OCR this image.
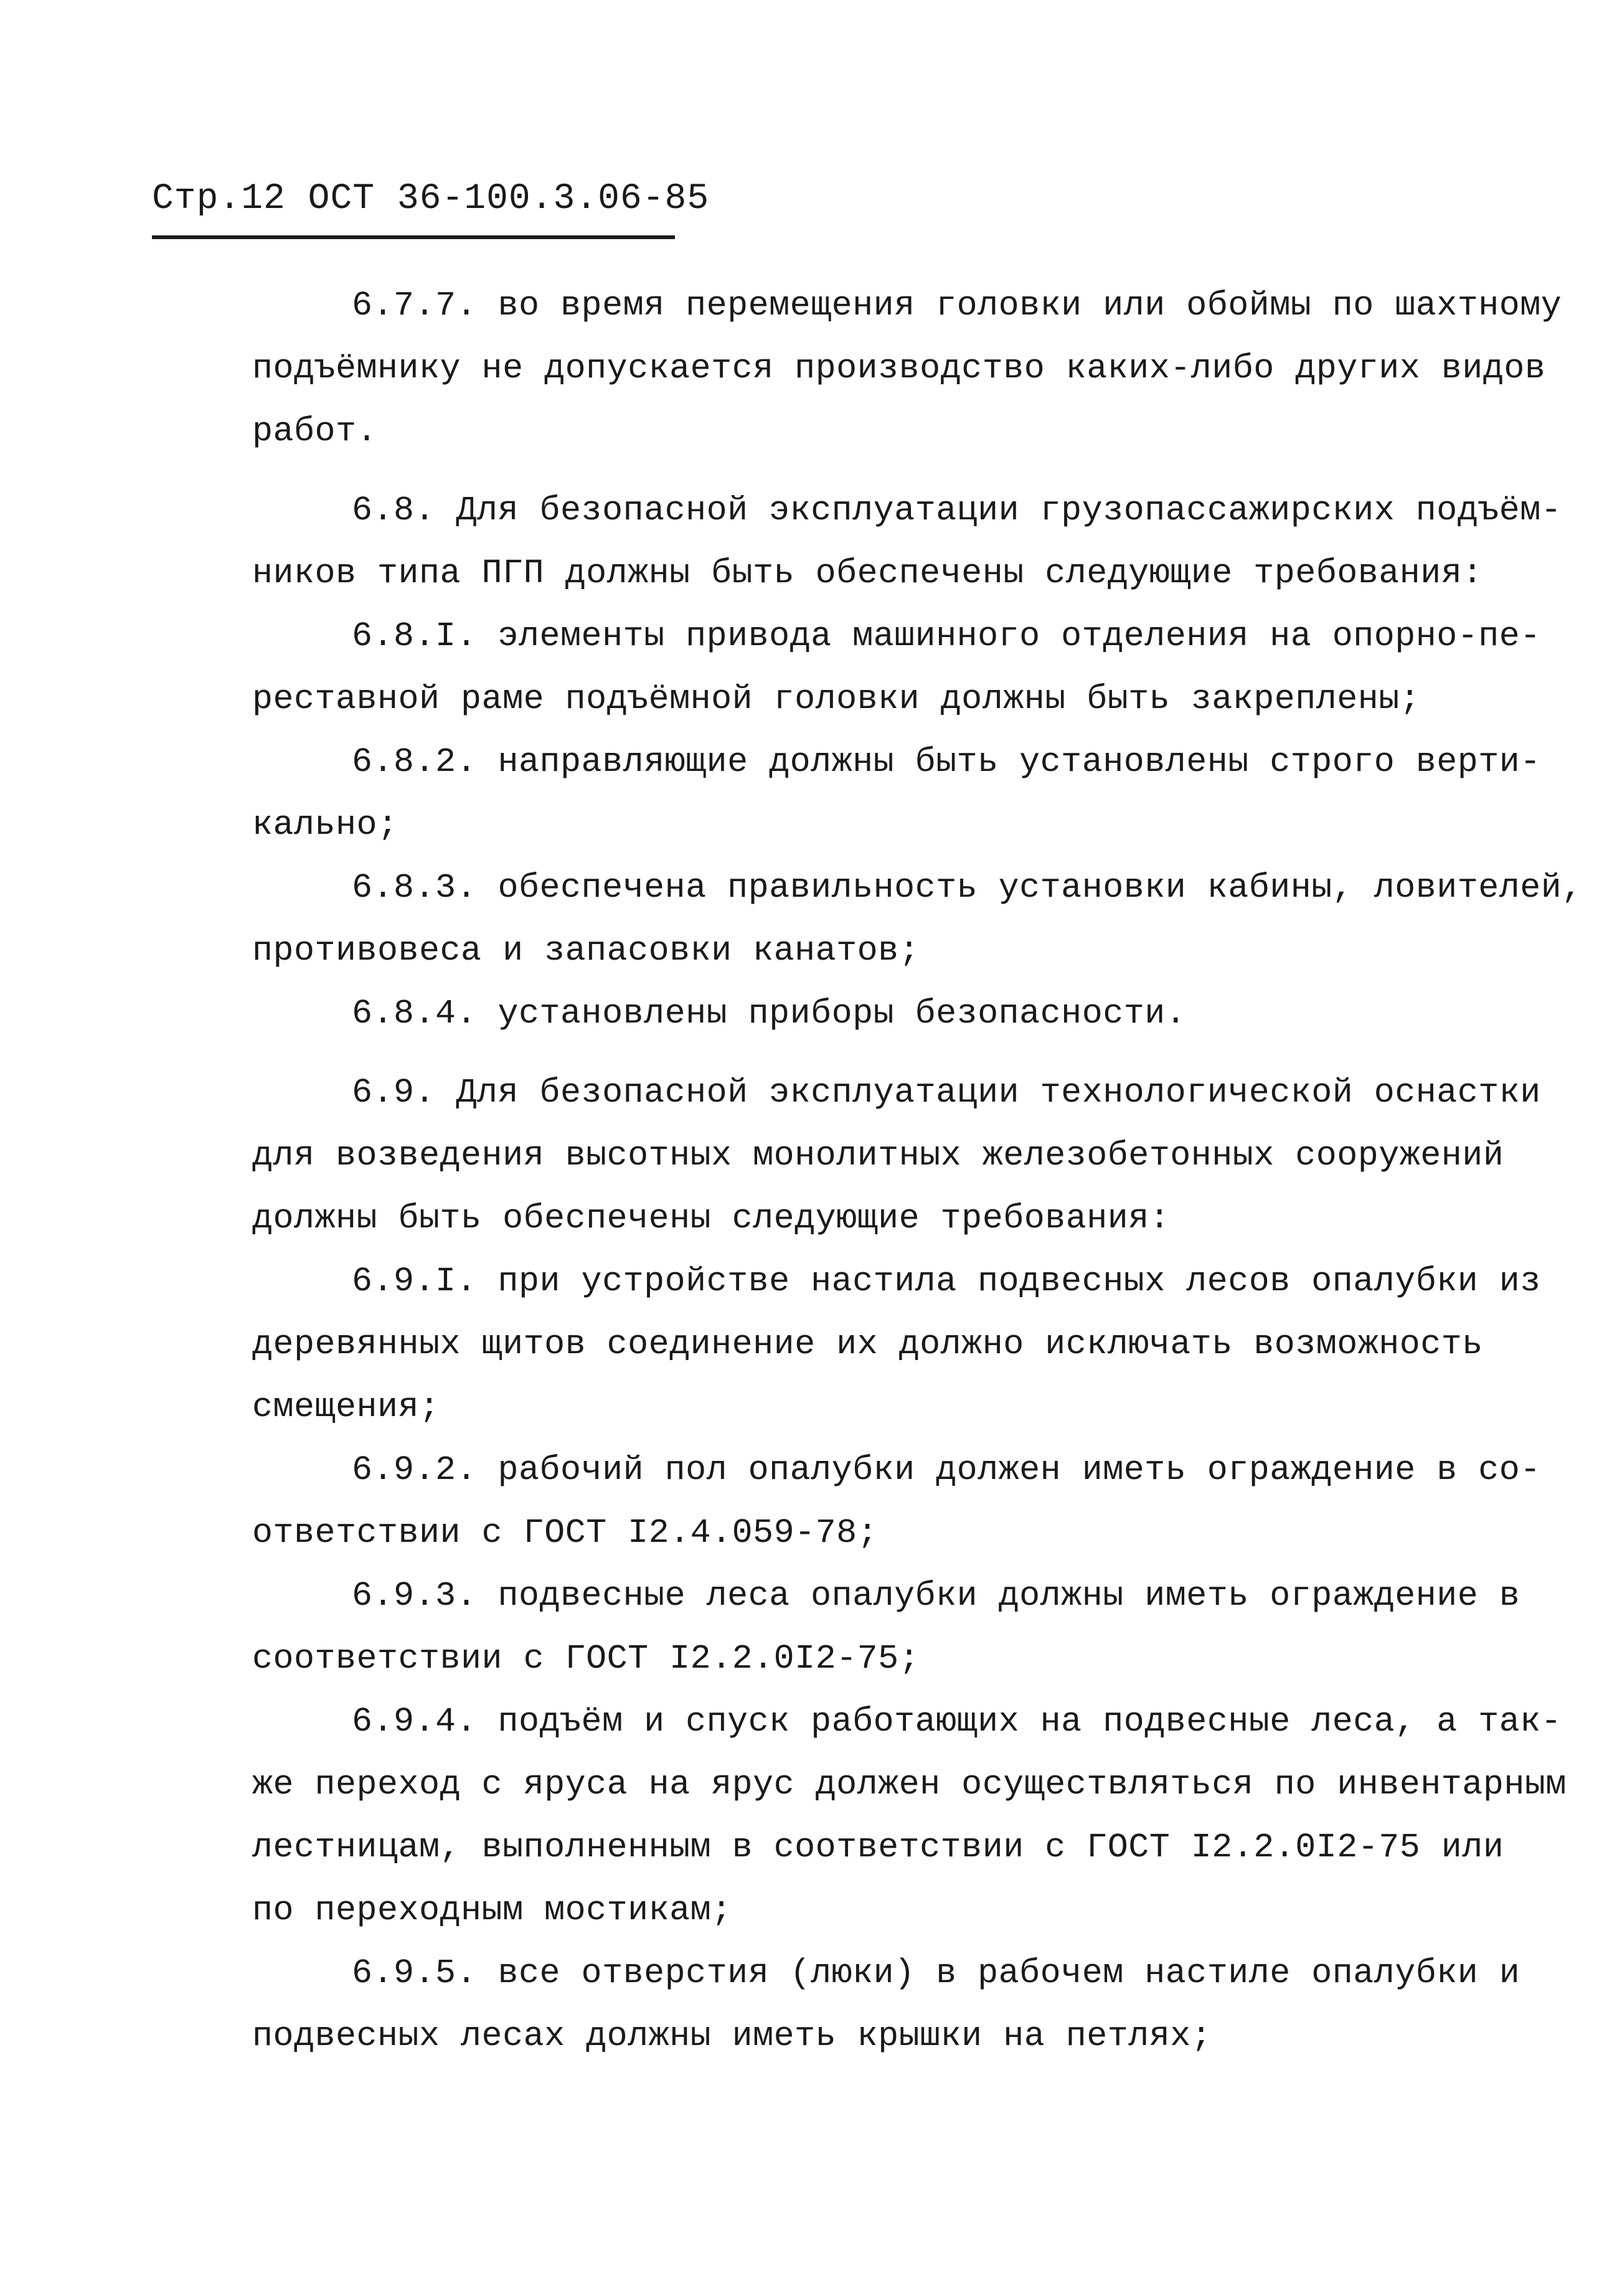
Стр.12 ОСТ 36-100.3.06-85
6.7.7. во время перемещения головки или обоймы по шахтному
подъёмнику не допускается производство каких-либо других видов
работ.
6.8. Для безопасной эксплуатации грузопассажирских подъём-
ников типа ПГП должны быть обеспечены следующие требования:
6.8.I. элементы привода машинного отделения на опорно-пе-
реставной раме подъёмной головки должны быть закреплены;
6.8.2. направляющие должны быть установлены строго верти-
кально;
6.8.3. обеспечена правильность установки кабины, ловителей,
противовеса и запасовки канатов;
6.8.4. установлены приборы безопасности.
6.9. Для безопасной эксплуатации технологической оснастки
для возведения высотных монолитных железобетонных сооружений
должны быть обеспечены следующие требования:
6.9.I. при устройстве настила подвесных лесов опалубки из
деревянных щитов соединение их должно исключать возможность
смещения;
6.9.2. рабочий пол опалубки должен иметь ограждение в со-
ответствии с ГОСТ I2.4.059-78;
6.9.3. подвесные леса опалубки должны иметь ограждение в
соответствии с ГОСТ I2.2.0I2-75;
6.9.4. подъём и спуск работающих на подвесные леса, а так-
же переход с яруса на ярус должен осуществляться по инвентарным
лестницам, выполненным в соответствии с ГОСТ I2.2.0I2-75 или
по переходным мостикам;
6.9.5. все отверстия (люки) в рабочем настиле опалубки и
подвесных лесах должны иметь крышки на петлях;
